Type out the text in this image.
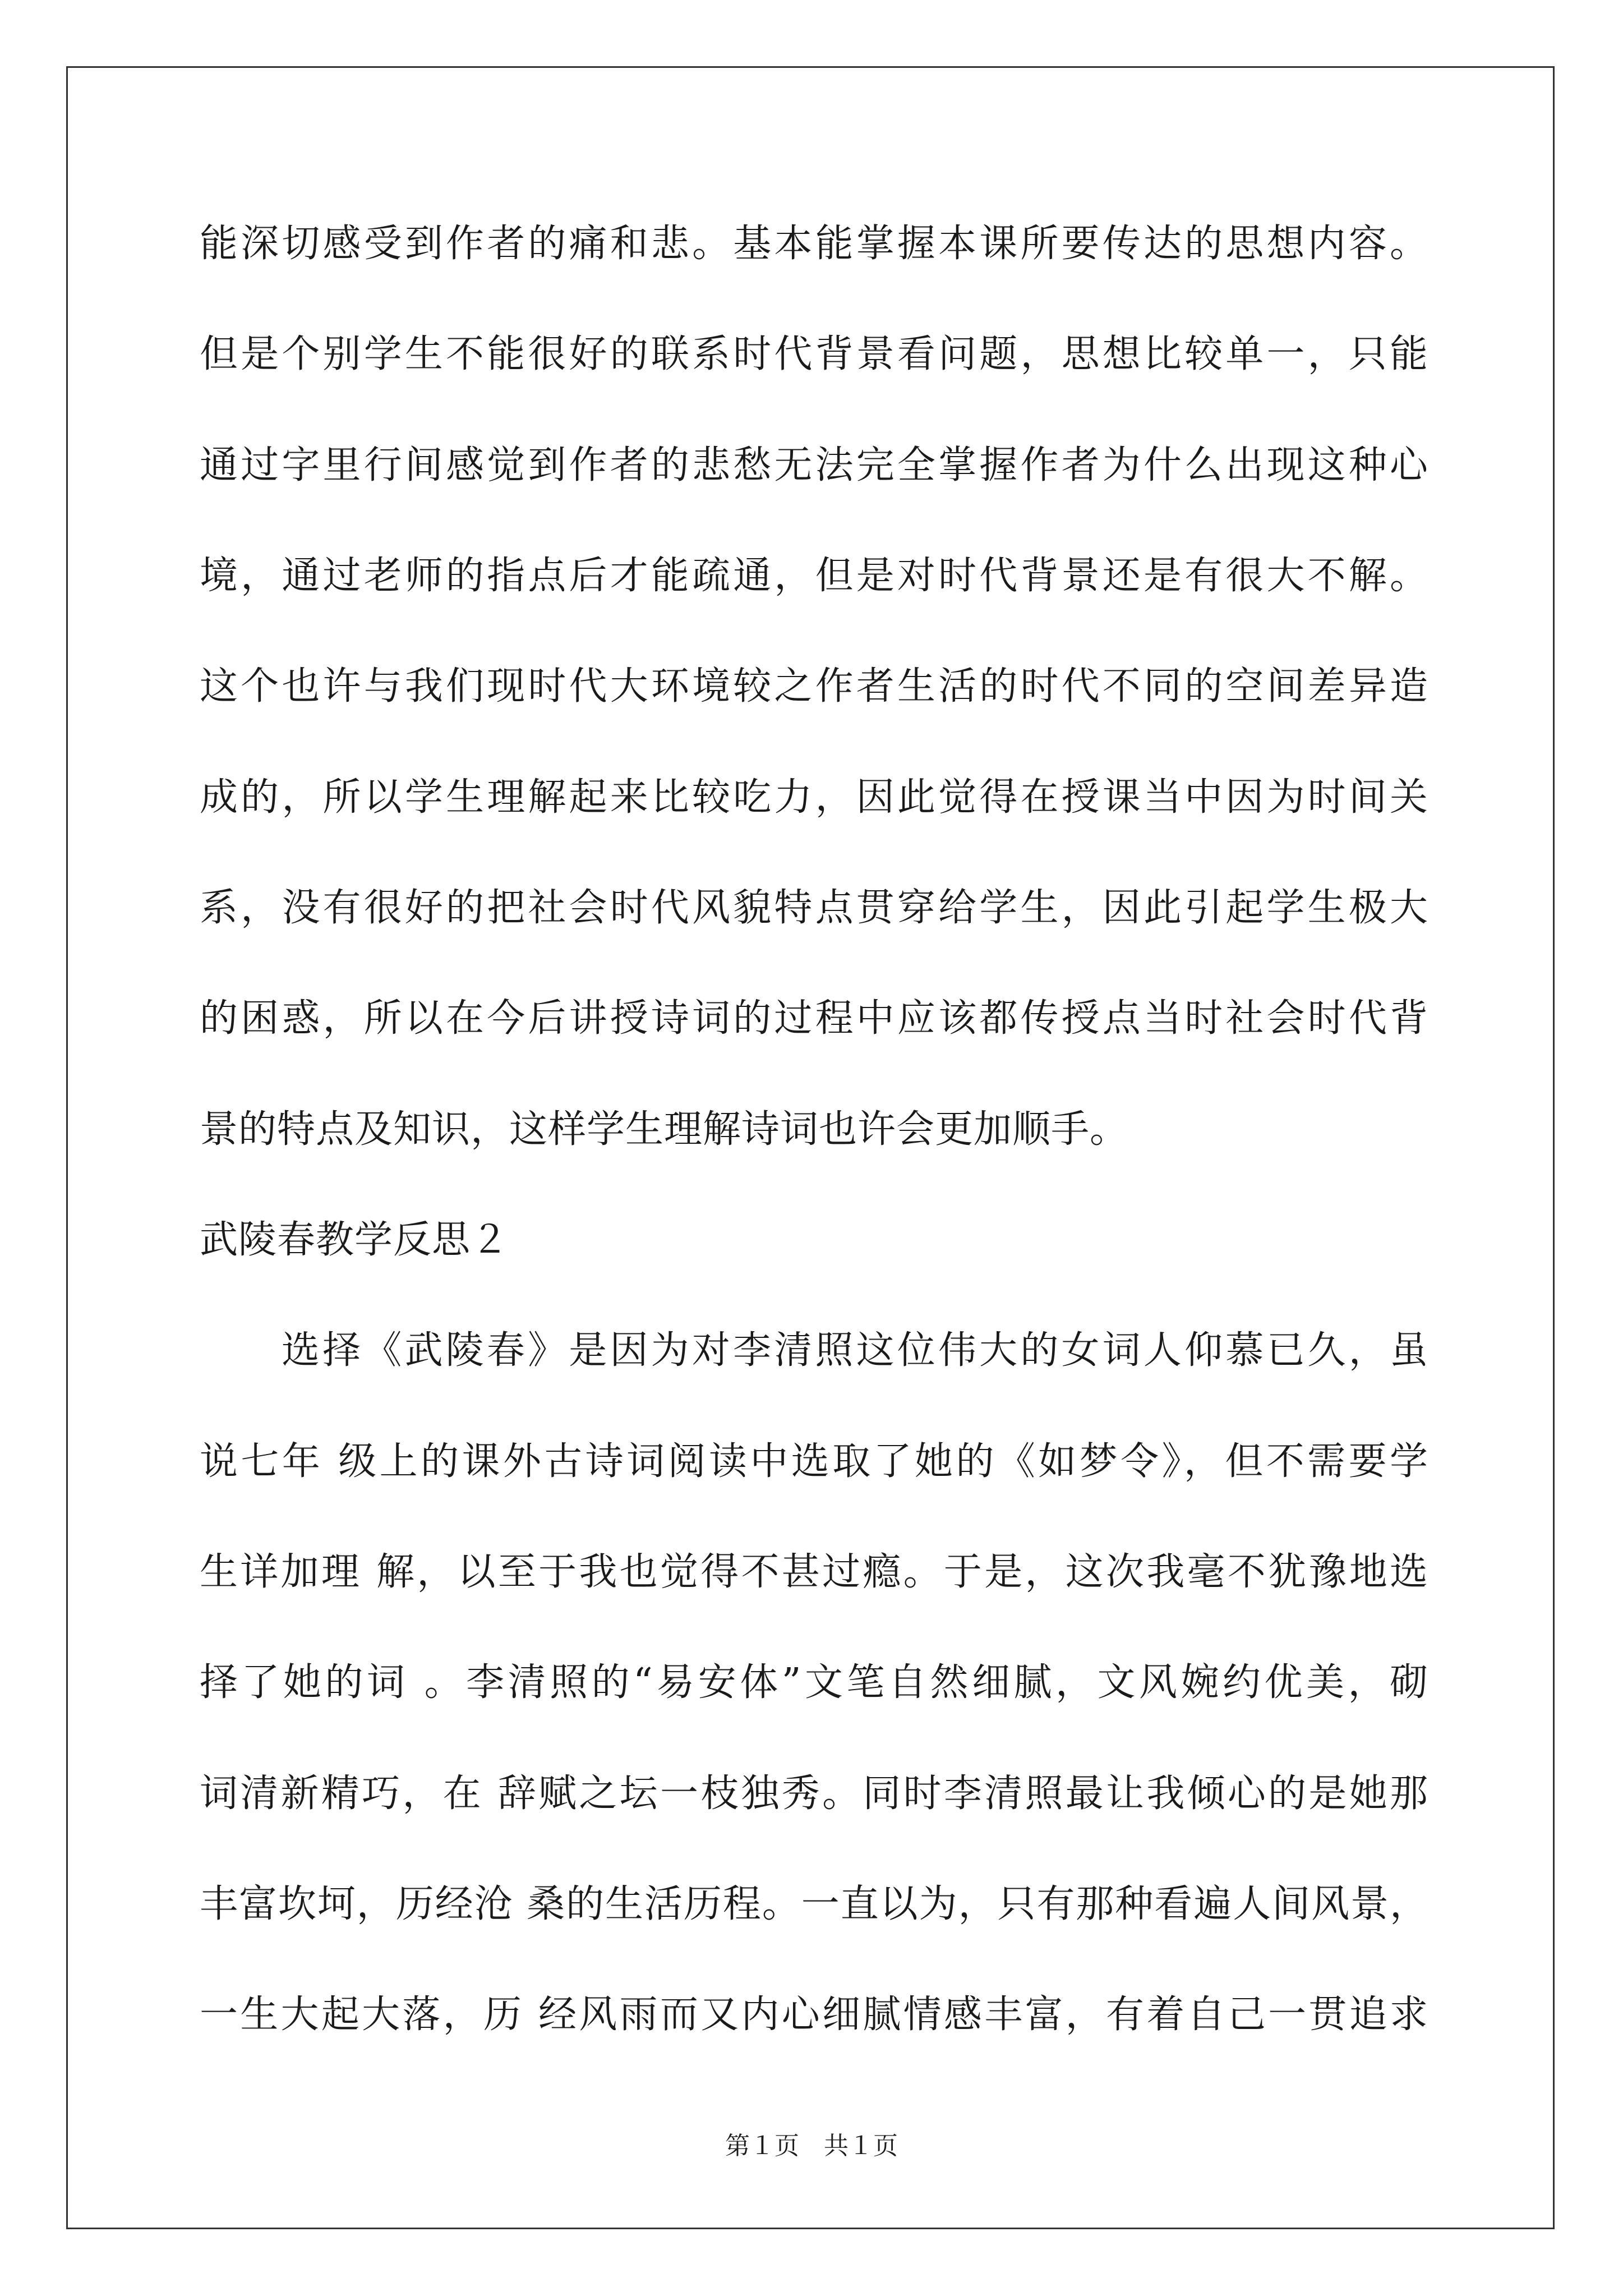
能深切感受到作者的痛和悲。基本能掌握本课所要传达的思想内容。
但是个别学生不能很好的联系时代背景看问题，思想比较单一，只能
通过字里行间感觉到作者的悲愁无法完全掌握作者为什么出现这种心
境，通过老师的指点后才能疏通，但是对时代背景还是有很大不解。
这个也许与我们现时代大环境较之作者生活的时代不同的空间差异造
成的，所以学生理解起来比较吃力，因此觉得在授课当中因为时间关
系，没有很好的把社会时代风貌特点贯穿给学生，因此引起学生极大
的困惑，所以在今后讲授诗词的过程中应该都传授点当时社会时代背
景的特点及知识，这样学生理解诗词也许会更加顺手。
武陵春教学反思２
选择《武陵春》是因为对李清照这位伟大的女词人仰慕已久，虽
说七年 级上的课外古诗词阅读中选取了她的《如梦令》，但不需要学
生详加理 解，以至于我也觉得不甚过瘾。于是，这次我毫不犹豫地选
择了她的词 。李清照的“易安体”文笔自然细腻，文风婉约优美，砌
词清新精巧，在 辞赋之坛一枝独秀。同时李清照最让我倾心的是她那
丰富坎坷，历经沧 桑的生活历程。一直以为，只有那种看遍人间风景，
一生大起大落，历 经风雨而又内心细腻情感丰富，有着自己一贯追求
第１页　共１页
